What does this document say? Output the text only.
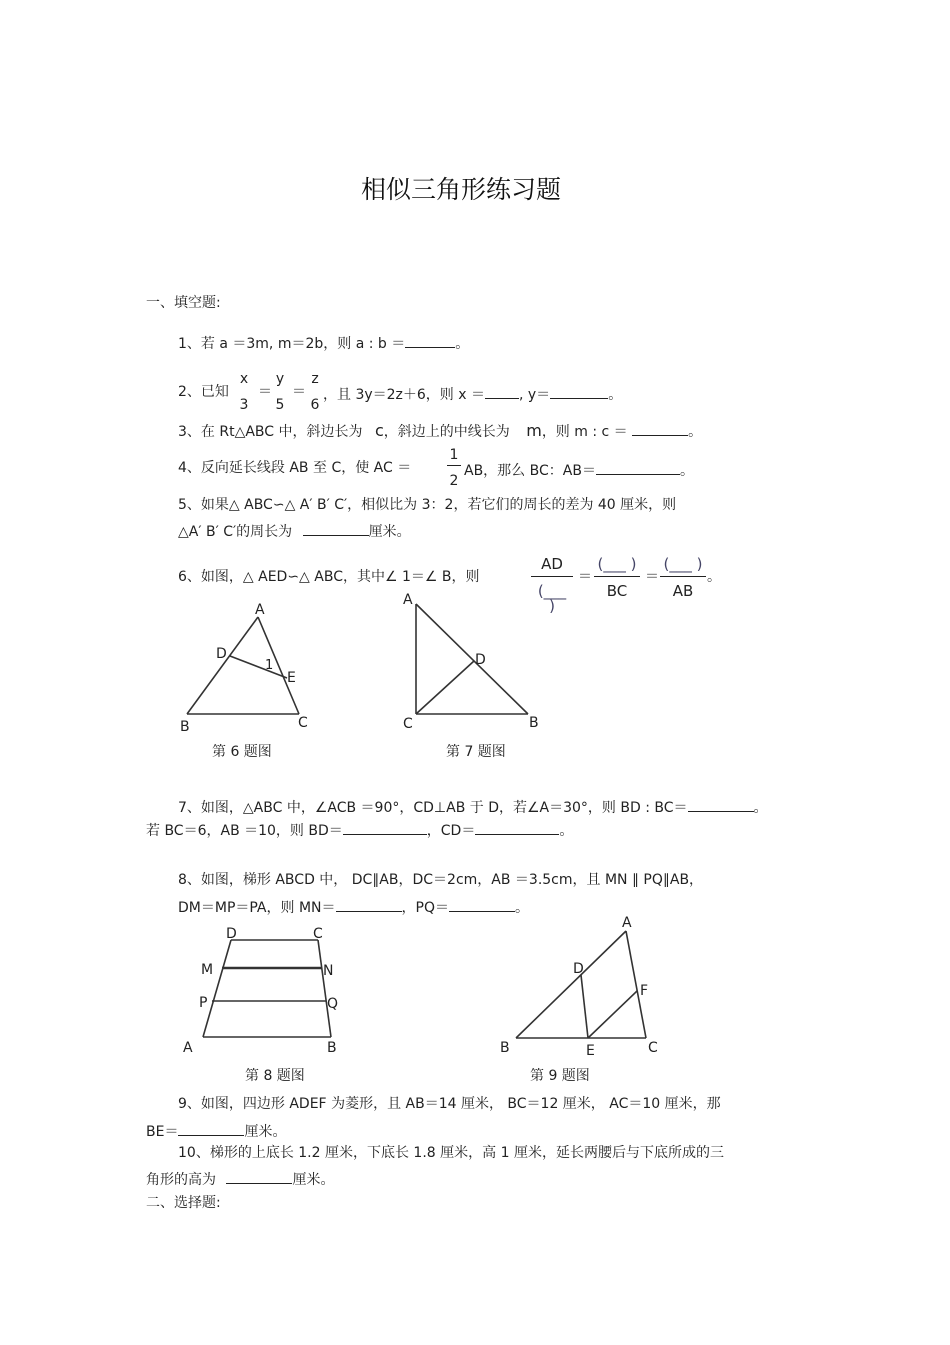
相似三角形练习题
一、填空题:
1、若 a ＝3m, m＝2b，则 a : b ＝	。
2、已知
x
3
＝
y
5
＝
z
6
，且 3y＝2z＋6，则 x ＝ , y＝	。
3、在 Rt△ABC 中，斜边长为 c，斜边上的中线长为 m，则 m : c ＝	。
4、反向延长线段 AB 至 C，使 AC ＝
1
2
AB，那么 BC：AB＝	。
5、如果△ ABC∽△ A′ B′ C′，相似比为 3：2，若它们的周长的差为 40 厘米，则
△A′ B′ C′的周长为	厘米。
6、如图，△ AED∽△ ABC，其中∠ 1＝∠ B，则
AD
(___ )
＝
(___ )
BC
＝
(___ )
AB
。
A
D
1
E
B	C
第 6 题图
A
D
C	B
第 7 题图
7、如图，△ABC 中，∠ACB ＝90°，CD⊥AB 于 D，若∠A＝30°，则 BD : BC＝	。
若 BC＝6，AB ＝10，则 BD＝	，CD＝	。
8、如图，梯形 ABCD 中， DC∥AB，DC＝2cm，AB ＝3.5cm，且 MN ∥ PQ∥AB，
DM＝MP＝PA，则 MN＝	，PQ＝	。
D	C
M	N
P	Q
A	B
第 8 题图
A
D
F
B	E	C
第 9 题图
9、如图，四边形 ADEF 为菱形，且 AB＝14 厘米， BC＝12 厘米， AC＝10 厘米，那
BE＝	厘米。
10、梯形的上底长 1.2 厘米，下底长 1.8 厘米，高 1 厘米，延长两腰后与下底所成的三
角形的高为	厘米。
二、选择题:
